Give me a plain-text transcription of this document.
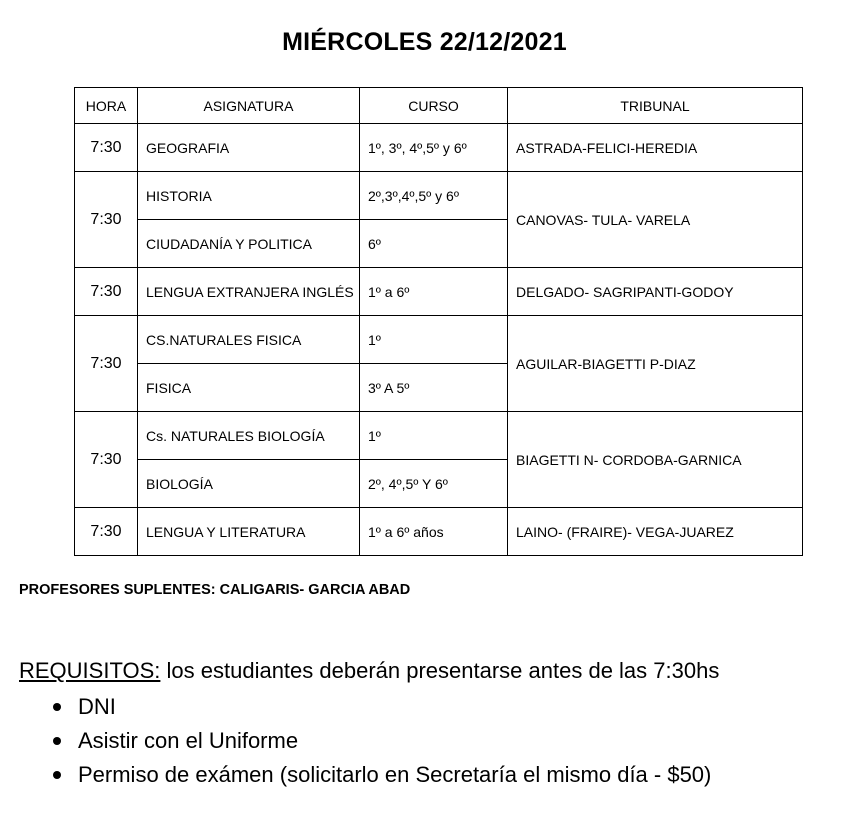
MIÉRCOLES 22/12/2021
HORA	ASIGNATURA	CURSO	TRIBUNAL
7:30	GEOGRAFIA	1º, 3º, 4º,5º y 6º	ASTRADA-FELICI-HEREDIA
7:30	HISTORIA	2º,3º,4º,5º y 6º	CANOVAS- TULA- VARELA
	CIUDADANÍA Y POLITICA	6º	
7:30	LENGUA EXTRANJERA INGLÉS	1º a 6º	DELGADO- SAGRIPANTI-GODOY
7:30	CS.NATURALES FISICA	1º	AGUILAR-BIAGETTI P-DIAZ
	FISICA	3º A 5º	
7:30	Cs. NATURALES BIOLOGÍA	1º	BIAGETTI N- CORDOBA-GARNICA
	BIOLOGÍA	2º, 4º,5º Y 6º	
7:30	LENGUA Y LITERATURA	1º a 6º años	LAINO- (FRAIRE)- VEGA-JUAREZ
PROFESORES SUPLENTES: CALIGARIS- GARCIA ABAD
REQUISITOS: los estudiantes deberán presentarse antes de las 7:30hs
DNI
Asistir con el Uniforme
Permiso de exámen (solicitarlo en Secretaría el mismo día - $50)
